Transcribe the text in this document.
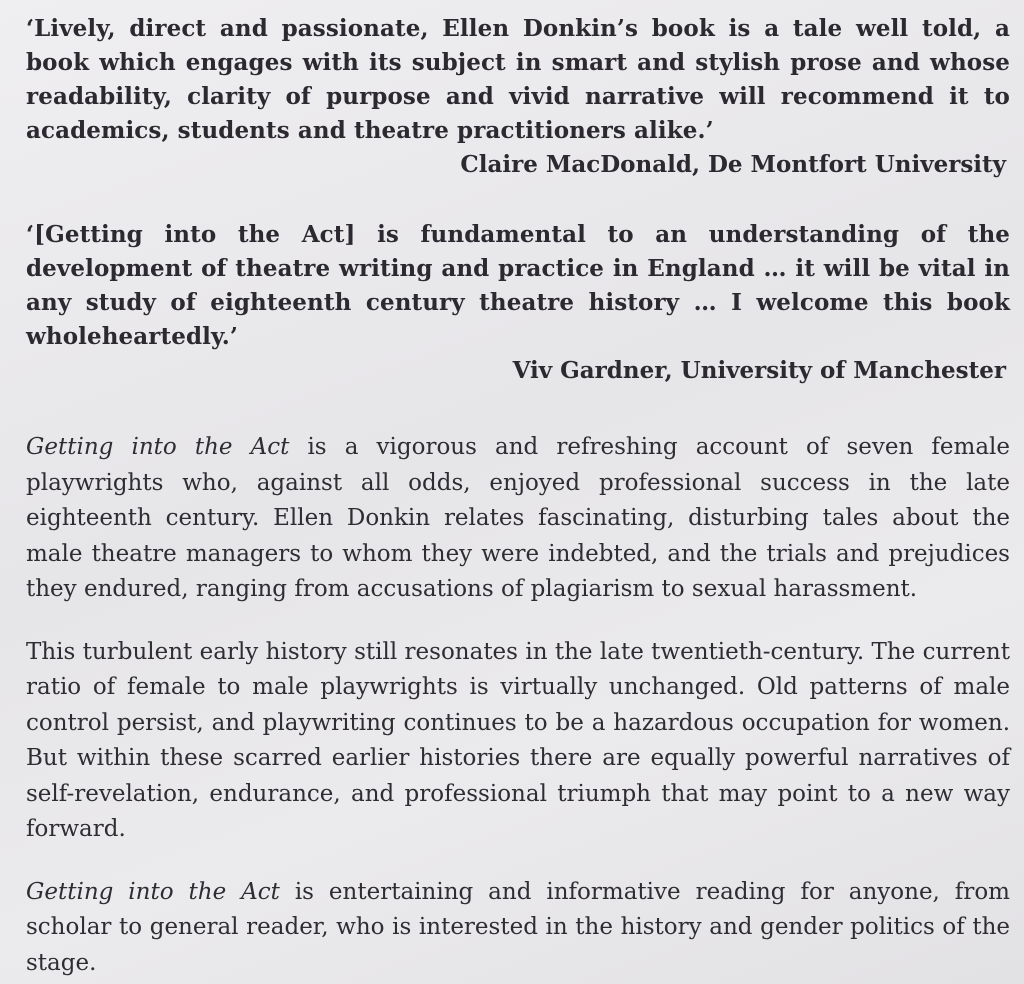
‘Lively, direct and passionate, Ellen Donkin’s book is a tale well told, a book which engages with its subject in smart and stylish prose and whose readability, clarity of purpose and vivid narrative will recommend it to academics, students and theatre practitioners alike.’

Claire MacDonald, De Montfort University

‘[Getting into the Act] is fundamental to an understanding of the development of theatre writing and practice in England … it will be vital in any study of eighteenth century theatre history … I welcome this book wholeheartedly.’

Viv Gardner, University of Manchester

Getting into the Act is a vigorous and refreshing account of seven female playwrights who, against all odds, enjoyed professional success in the late eighteenth century. Ellen Donkin relates fascinating, disturbing tales about the male theatre managers to whom they were indebted, and the trials and prejudices they endured, ranging from accusations of plagiarism to sexual harassment.

This turbulent early history still resonates in the late twentieth-century. The current ratio of female to male playwrights is virtually unchanged. Old patterns of male control persist, and playwriting continues to be a hazardous occupation for women. But within these scarred earlier histories there are equally powerful narratives of self-revelation, endurance, and professional triumph that may point to a new way forward.

Getting into the Act is entertaining and informative reading for anyone, from scholar to general reader, who is interested in the history and gender politics of the stage.
